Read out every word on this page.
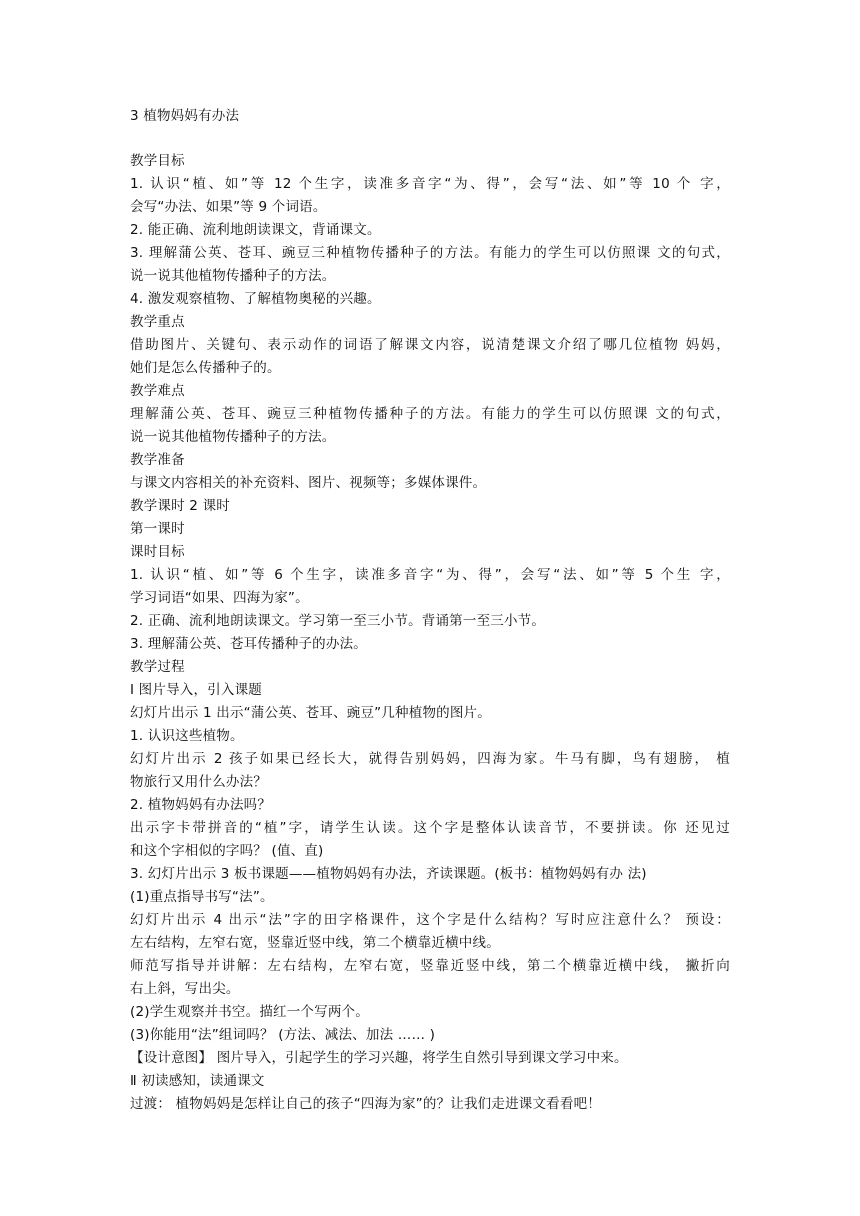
3 植物妈妈有办法
教学目标
1. 认识“植、如”等 12 个生字，读准多音字“为、得”，会写“法、如”等 10 个 字，
会写“办法、如果”等 9 个词语。
2. 能正确、流利地朗读课文，背诵课文。
3. 理解蒲公英、苍耳、豌豆三种植物传播种子的方法。有能力的学生可以仿照课 文的句式，
说一说其他植物传播种子的方法。
4. 激发观察植物、了解植物奥秘的兴趣。
教学重点
借助图片、关键句、表示动作的词语了解课文内容，说清楚课文介绍了哪几位植物 妈妈，
她们是怎么传播种子的。
教学难点
理解蒲公英、苍耳、豌豆三种植物传播种子的方法。有能力的学生可以仿照课 文的句式，
说一说其他植物传播种子的方法。
教学准备
与课文内容相关的补充资料、图片、视频等；多媒体课件。
教学课时 2 课时
第一课时
课时目标
1. 认识“植、如”等 6 个生字，读准多音字“为、得”，会写“法、如”等 5 个生 字，
学习词语“如果、四海为家”。
2. 正确、流利地朗读课文。学习第一至三小节。背诵第一至三小节。
3. 理解蒲公英、苍耳传播种子的办法。
教学过程
Ⅰ 图片导入，引入课题
幻灯片出示 1 出示“蒲公英、苍耳、豌豆”几种植物的图片。
1. 认识这些植物。
幻灯片出示 2 孩子如果已经长大，就得告别妈妈，四海为家。牛马有脚，鸟有翅膀， 植
物旅行又用什么办法？
2. 植物妈妈有办法吗？
出示字卡带拼音的“植”字，请学生认读。这个字是整体认读音节，不要拼读。你 还见过
和这个字相似的字吗？ (值、直)
3. 幻灯片出示 3 板书课题——植物妈妈有办法，齐读课题。(板书：植物妈妈有办 法)
(1)重点指导书写“法”。
幻灯片出示 4 出示“法”字的田字格课件，这个字是什么结构？写时应注意什么？ 预设：
左右结构，左窄右宽，竖靠近竖中线，第二个横靠近横中线。
师范写指导并讲解：左右结构，左窄右宽，竖靠近竖中线，第二个横靠近横中线， 撇折向
右上斜，写出尖。
(2)学生观察并书空。描红一个写两个。
(3)你能用“法”组词吗？ (方法、减法、加法 …… )
【设计意图】 图片导入，引起学生的学习兴趣，将学生自然引导到课文学习中来。
Ⅱ 初读感知，读通课文
过渡： 植物妈妈是怎样让自己的孩子“四海为家”的？让我们走进课文看看吧！
